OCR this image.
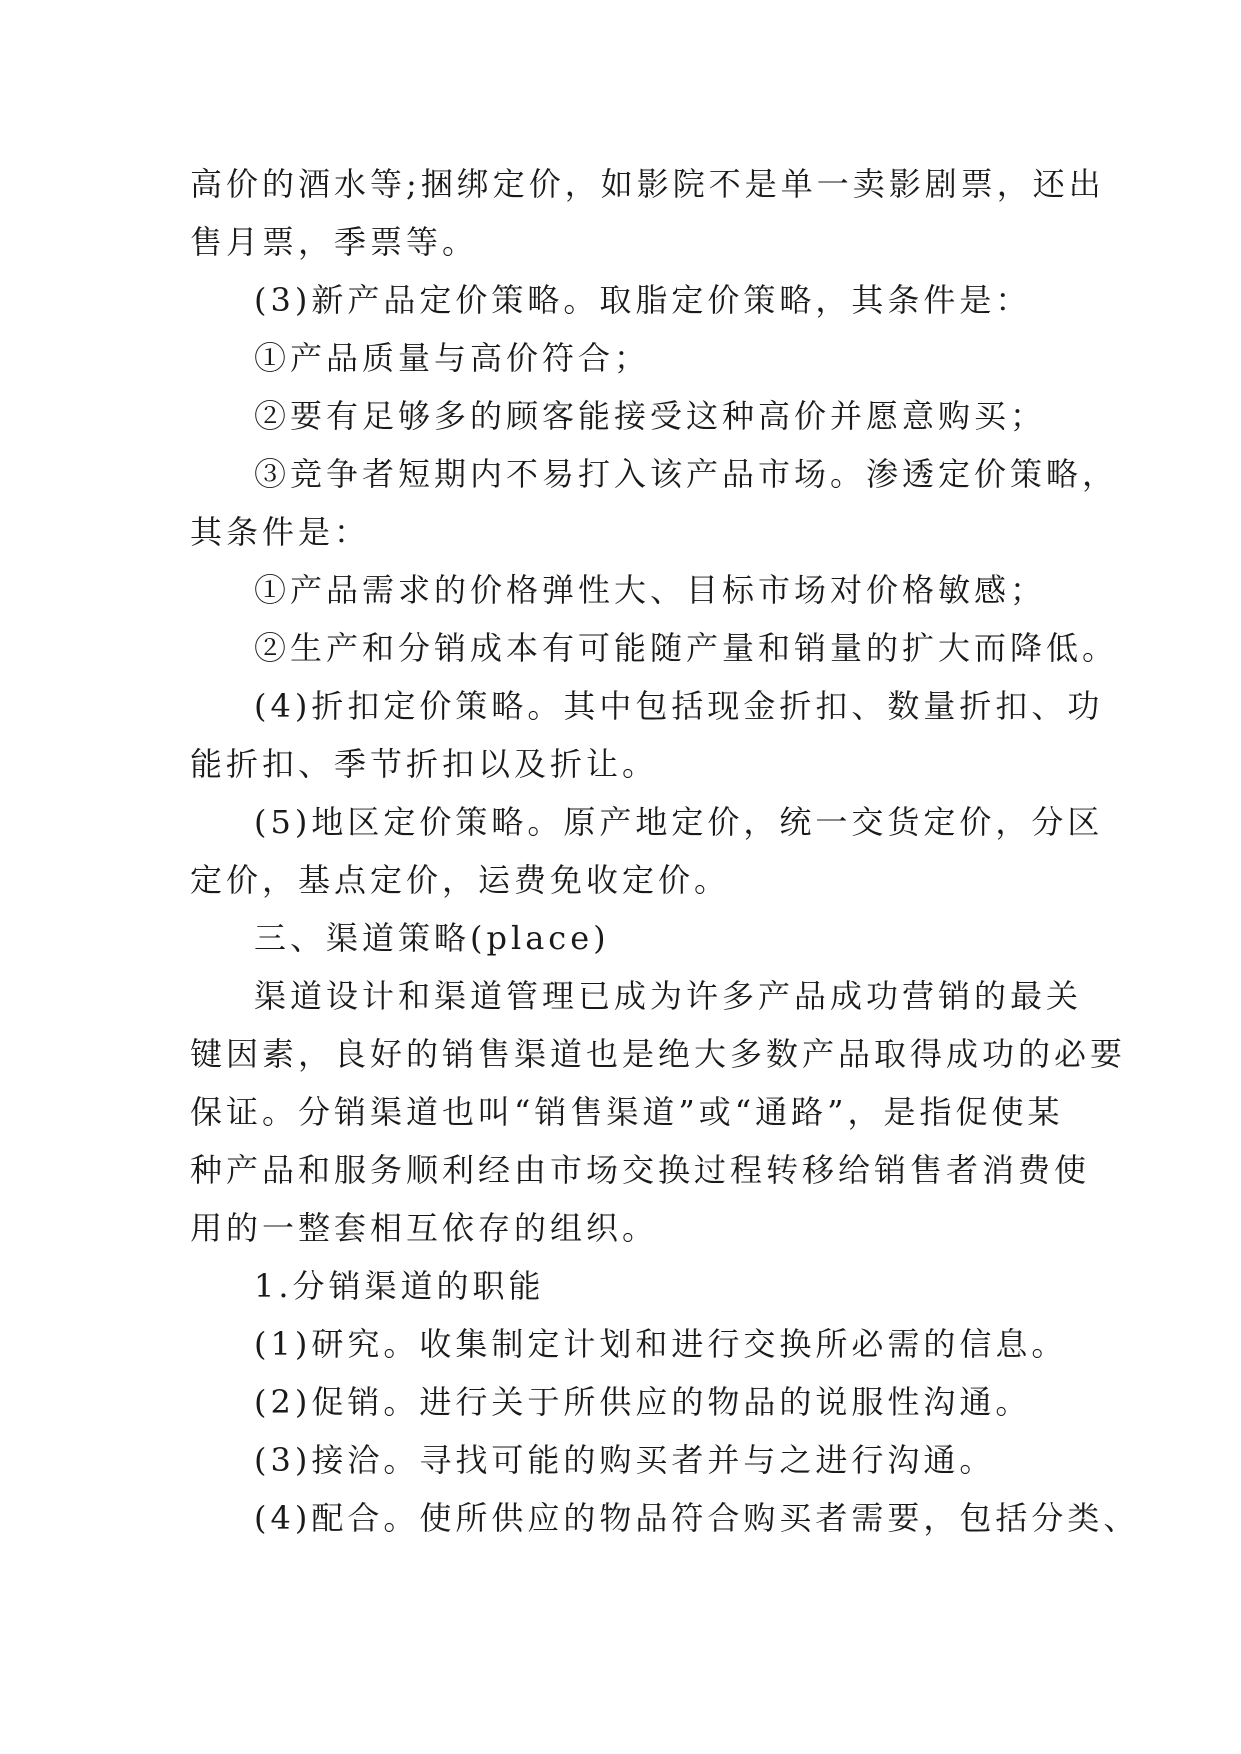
高价的酒水等;捆绑定价，如影院不是单一卖影剧票，还出
售月票，季票等。
(3)新产品定价策略。取脂定价策略，其条件是：
①产品质量与高价符合；
②要有足够多的顾客能接受这种高价并愿意购买；
③竞争者短期内不易打入该产品市场。渗透定价策略，
其条件是：
①产品需求的价格弹性大、目标市场对价格敏感；
②生产和分销成本有可能随产量和销量的扩大而降低。
(4)折扣定价策略。其中包括现金折扣、数量折扣、功
能折扣、季节折扣以及折让。
(5)地区定价策略。原产地定价，统一交货定价，分区
定价，基点定价，运费免收定价。
三、渠道策略(place)
渠道设计和渠道管理已成为许多产品成功营销的最关
键因素，良好的销售渠道也是绝大多数产品取得成功的必要
保证。分销渠道也叫“销售渠道”或“通路”，是指促使某
种产品和服务顺利经由市场交换过程转移给销售者消费使
用的一整套相互依存的组织。
1.分销渠道的职能
(1)研究。收集制定计划和进行交换所必需的信息。
(2)促销。进行关于所供应的物品的说服性沟通。
(3)接洽。寻找可能的购买者并与之进行沟通。
(4)配合。使所供应的物品符合购买者需要，包括分类、
